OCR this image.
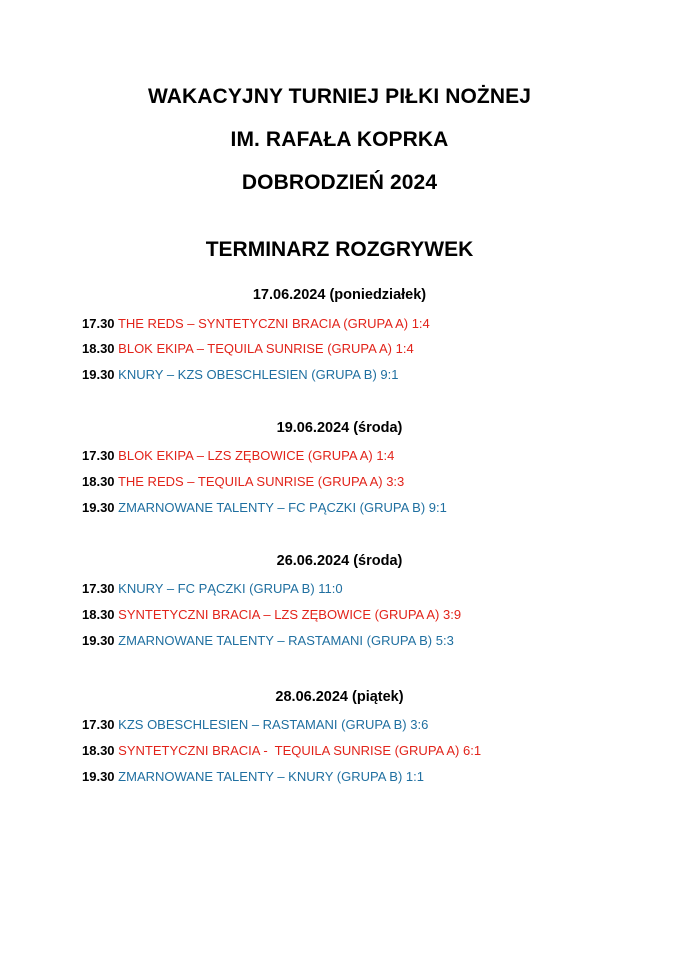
WAKACYJNY TURNIEJ PIŁKI NOŻNEJ
IM. RAFAŁA KOPRKA
DOBRODZIEŃ 2024
TERMINARZ ROZGRYWEK
17.06.2024 (poniedziałek)
17.30 THE REDS – SYNTETYCZNI BRACIA (GRUPA A) 1:4
18.30 BLOK EKIPA – TEQUILA SUNRISE (GRUPA A) 1:4
19.30 KNURY – KZS OBESCHLESIEN (GRUPA B) 9:1
19.06.2024 (środa)
17.30 BLOK EKIPA – LZS ZĘBOWICE (GRUPA A) 1:4
18.30 THE REDS – TEQUILA SUNRISE (GRUPA A) 3:3
19.30 ZMARNOWANE TALENTY – FC PĄCZKI (GRUPA B) 9:1
26.06.2024 (środa)
17.30 KNURY – FC PĄCZKI (GRUPA B) 11:0
18.30 SYNTETYCZNI BRACIA – LZS ZĘBOWICE (GRUPA A) 3:9
19.30 ZMARNOWANE TALENTY – RASTAMANI (GRUPA B) 5:3
28.06.2024 (piątek)
17.30 KZS OBESCHLESIEN – RASTAMANI (GRUPA B) 3:6
18.30 SYNTETYCZNI BRACIA -  TEQUILA SUNRISE (GRUPA A) 6:1
19.30 ZMARNOWANE TALENTY – KNURY (GRUPA B) 1:1
